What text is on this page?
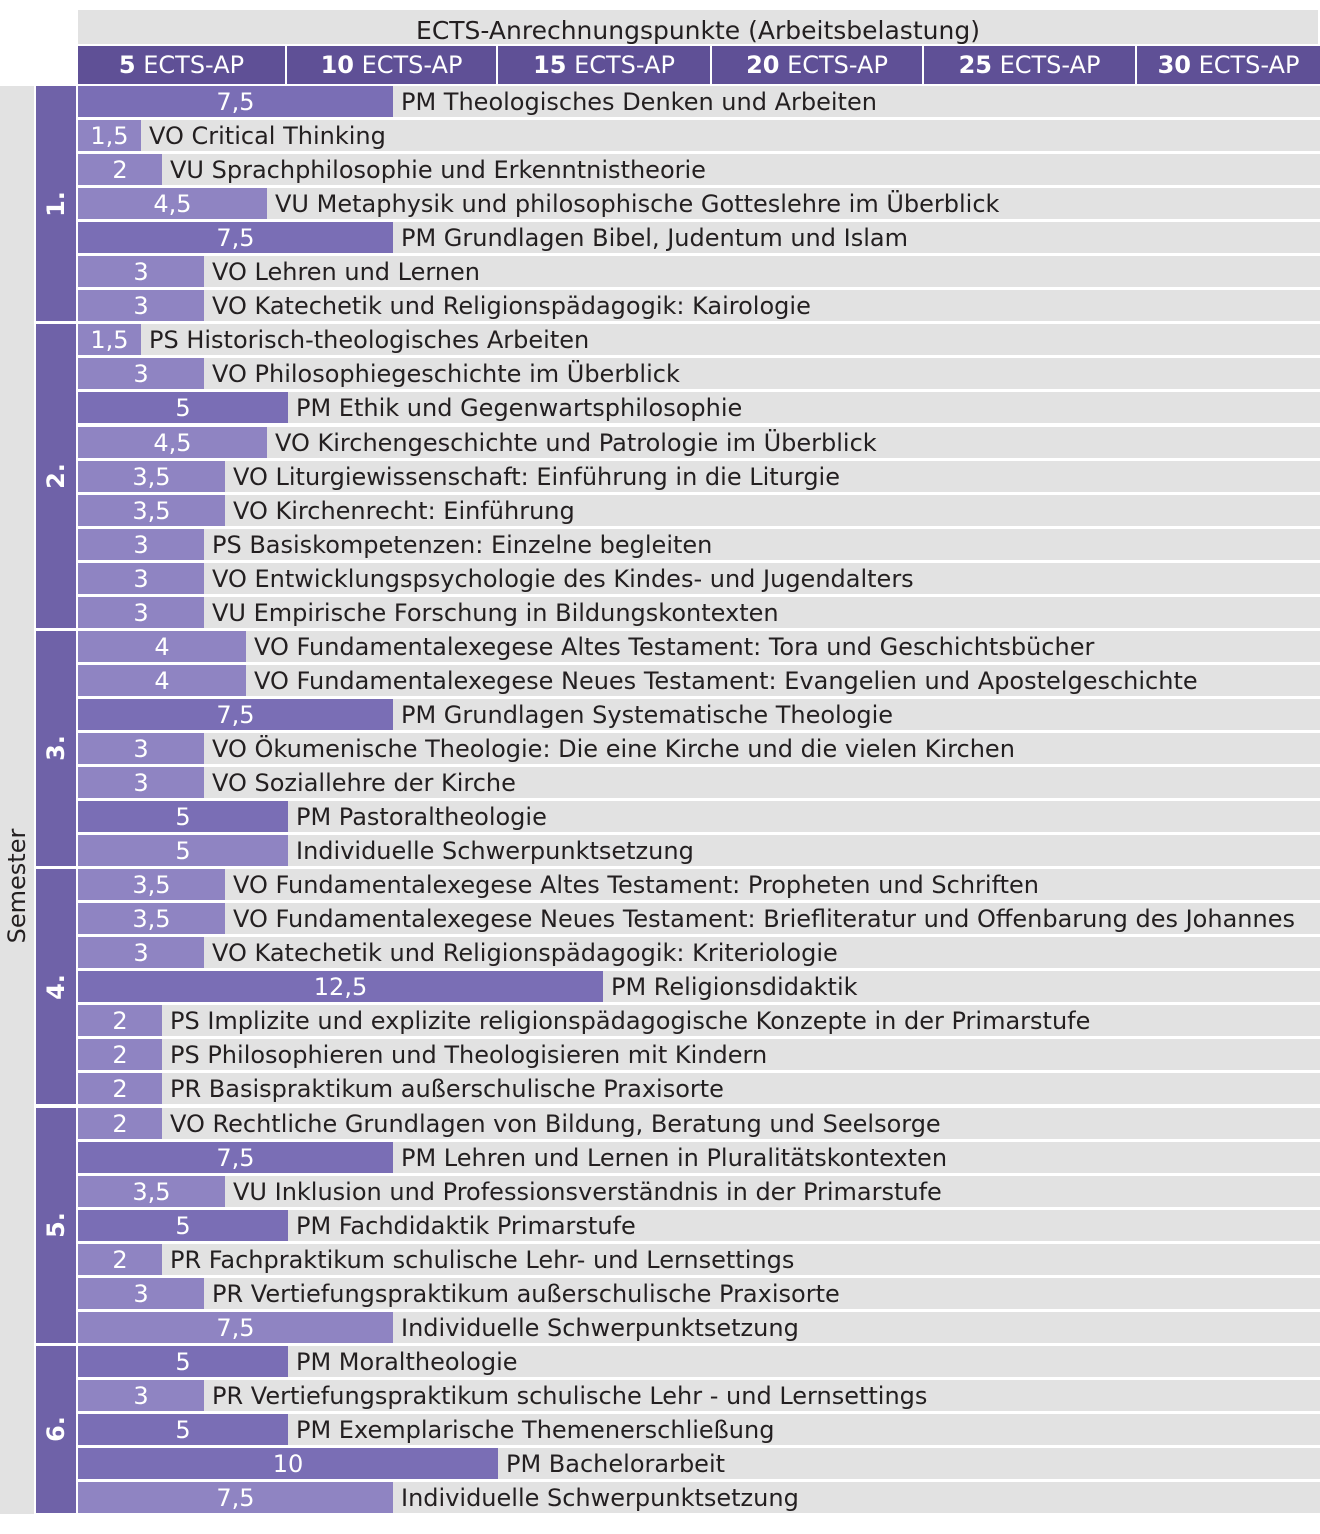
ECTS-Anrechnungspunkte (Arbeitsbelastung)
5 ECTS-AP	10 ECTS-AP	15 ECTS-AP	20 ECTS-AP	25 ECTS-AP	30 ECTS-AP
Semester
7,5	PM Theologisches Denken und Arbeiten
1,5 VO Critical Thinking
2	VU Sprachphilosophie und Erkenntnistheorie
4,5	VU Metaphysik und philosophische Gotteslehre im Überblick
7,5	PM Grundlagen Bibel, Judentum und Islam
3	VO Lehren und Lernen
3	VO Katechetik und Religionspädagogik: Kairologie
1.
1,5 PS Historisch-theologisches Arbeiten
3	VO Philosophiegeschichte im Überblick
5	PM Ethik und Gegenwartsphilosophie
4,5	VO Kirchengeschichte und Patrologie im Überblick
3,5	VO Liturgiewissenschaft: Einführung in die Liturgie
3,5	VO Kirchenrecht: Einführung
3	PS Basiskompetenzen: Einzelne begleiten
3	VO Entwicklungspsychologie des Kindes- und Jugendalters
3	VU Empirische Forschung in Bildungskontexten
2.
4	VO Fundamentalexegese Altes Testament: Tora und Geschichtsbücher
4	VO Fundamentalexegese Neues Testament: Evangelien und Apostelgeschichte
7,5	PM Grundlagen Systematische Theologie
3	VO Ökumenische Theologie: Die eine Kirche und die vielen Kirchen
3	VO Soziallehre der Kirche
5	PM Pastoraltheologie
5	Individuelle Schwerpunktsetzung
3.
3,5	VO Fundamentalexegese Altes Testament: Propheten und Schriften
3,5	VO Fundamentalexegese Neues Testament: Briefliteratur und Offenbarung des Johannes
3	VO Katechetik und Religionspädagogik: Kriteriologie
12,5	PM Religionsdidaktik
2	PS Implizite und explizite religionspädagogische Konzepte in der Primarstufe
2	PS Philosophieren und Theologisieren mit Kindern
2	PR Basispraktikum außerschulische Praxisorte
4.
2	VO Rechtliche Grundlagen von Bildung, Beratung und Seelsorge
7,5	PM Lehren und Lernen in Pluralitätskontexten
3,5	VU Inklusion und Professionsverständnis in der Primarstufe
5	PM Fachdidaktik Primarstufe
2	PR Fachpraktikum schulische Lehr- und Lernsettings
3	PR Vertiefungspraktikum außerschulische Praxisorte
7,5	Individuelle Schwerpunktsetzung
5.
5	PM Moraltheologie
3	PR Vertiefungspraktikum schulische Lehr - und Lernsettings
5	PM Exemplarische Themenerschließung
10	PM Bachelorarbeit
7,5	Individuelle Schwerpunktsetzung
6.
